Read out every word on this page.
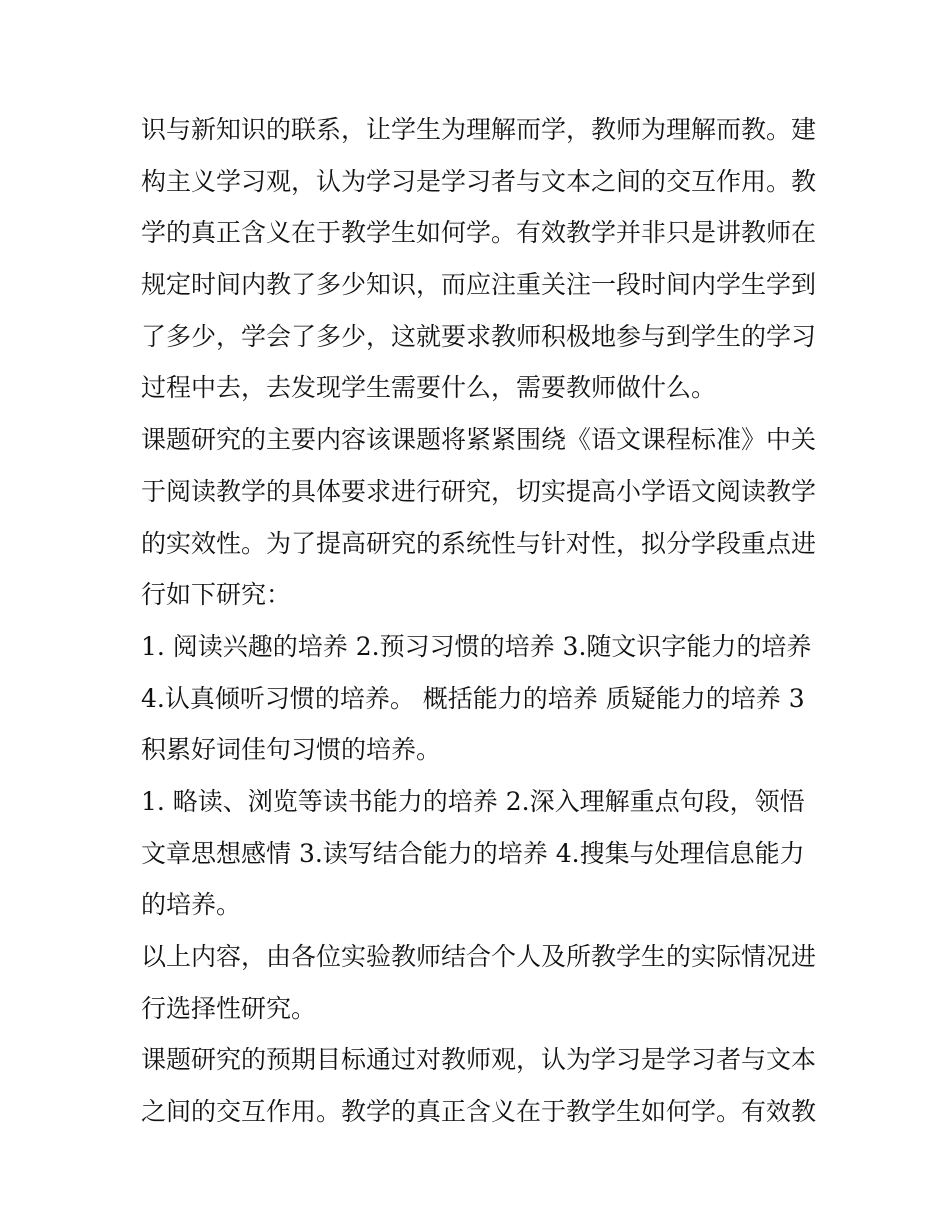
识与新知识的联系，让学生为理解而学，教师为理解而教。建
构主义学习观，认为学习是学习者与文本之间的交互作用。教
学的真正含义在于教学生如何学。有效教学并非只是讲教师在
规定时间内教了多少知识，而应注重关注一段时间内学生学到
了多少，学会了多少，这就要求教师积极地参与到学生的学习
过程中去，去发现学生需要什么，需要教师做什么。
课题研究的主要内容该课题将紧紧围绕《语文课程标准》中关
于阅读教学的具体要求进行研究，切实提高小学语文阅读教学
的实效性。为了提高研究的系统性与针对性，拟分学段重点进
行如下研究：
1. 阅读兴趣的培养 2.预习习惯的培养 3.随文识字能力的培养
4.认真倾听习惯的培养。 概括能力的培养 质疑能力的培养 3
积累好词佳句习惯的培养。
1. 略读、浏览等读书能力的培养 2.深入理解重点句段，领悟
文章思想感情 3.读写结合能力的培养 4.搜集与处理信息能力
的培养。
以上内容，由各位实验教师结合个人及所教学生的实际情况进
行选择性研究。
课题研究的预期目标通过对教师观，认为学习是学习者与文本
之间的交互作用。教学的真正含义在于教学生如何学。有效教
